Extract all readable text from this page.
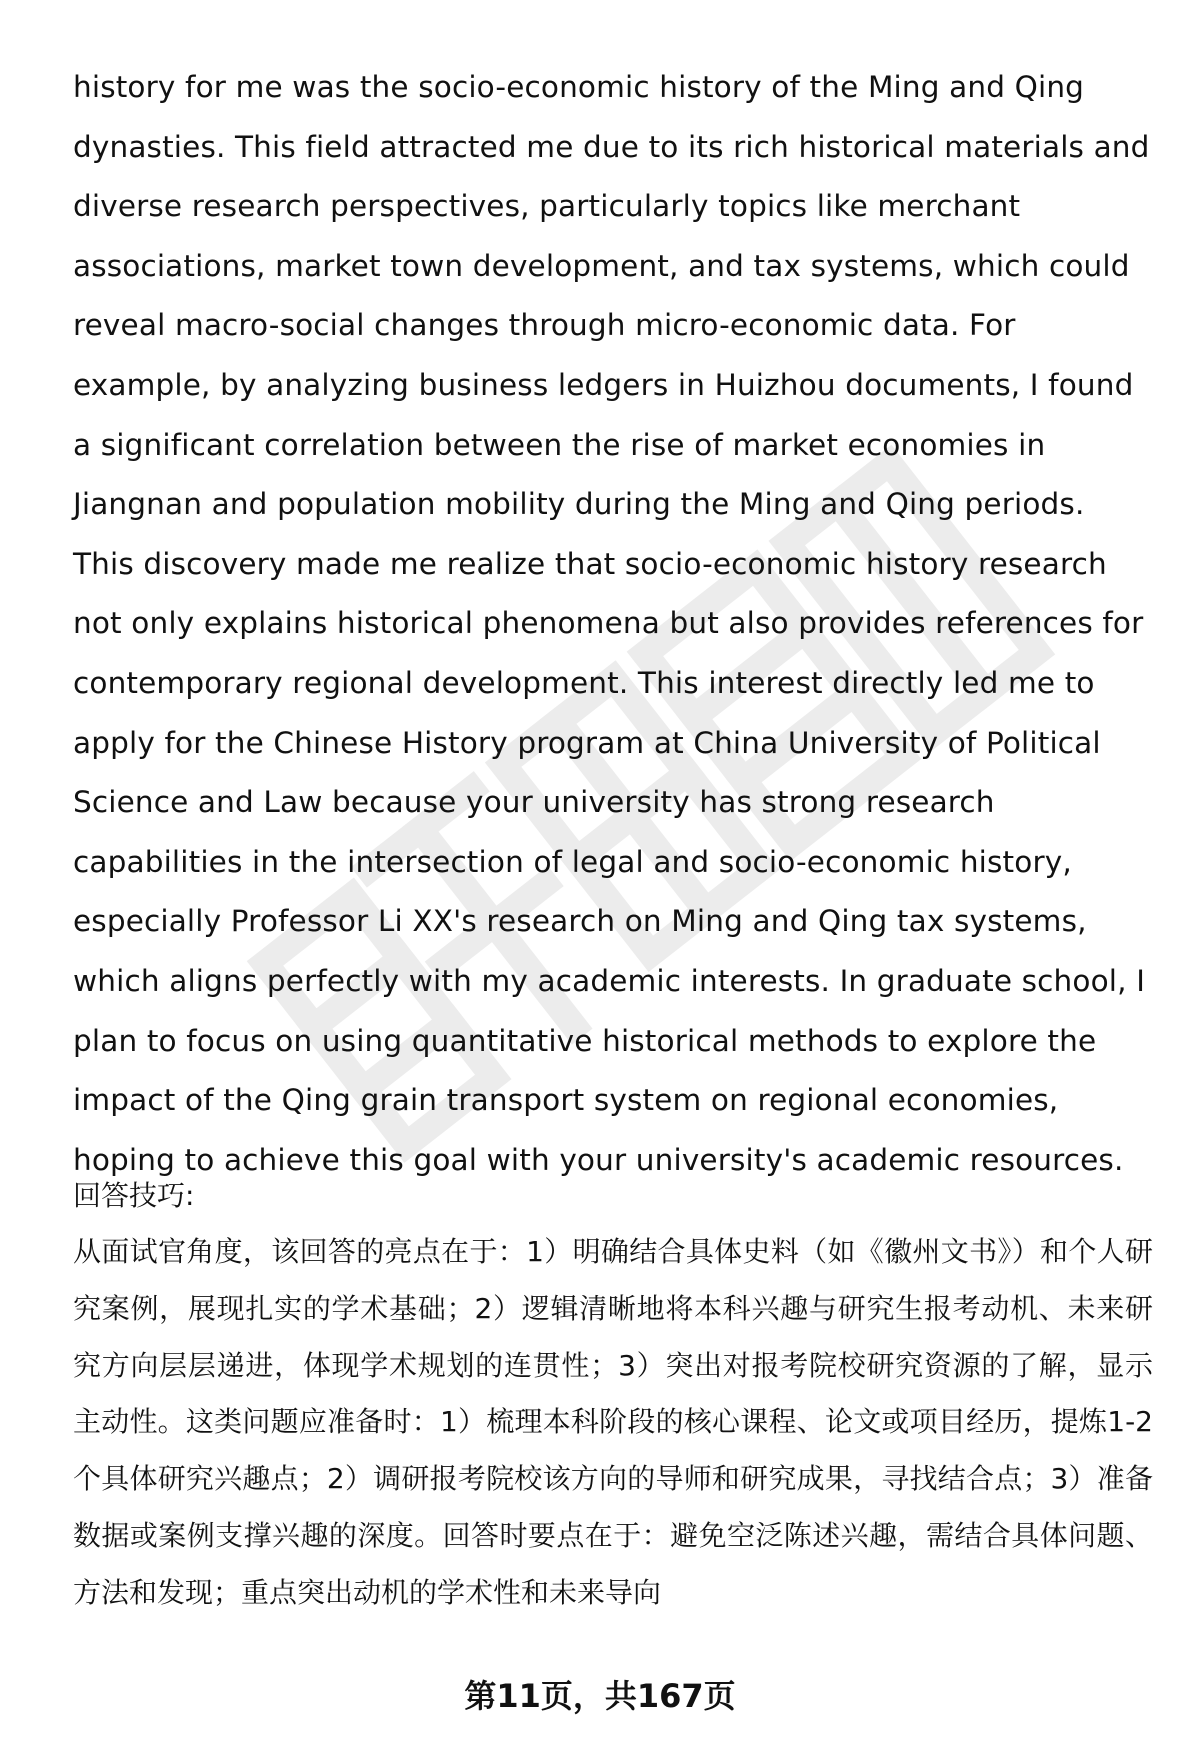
history for me was the socio-economic history of the Ming and Qing dynasties. This field attracted me due to its rich historical materials and diverse research perspectives, particularly topics like merchant associations, market town development, and tax systems, which could reveal macro-social changes through micro-economic data. For example, by analyzing business ledgers in Huizhou documents, I found a significant correlation between the rise of market economies in Jiangnan and population mobility during the Ming and Qing periods. This discovery made me realize that socio-economic history research not only explains historical phenomena but also provides references for contemporary regional development. This interest directly led me to apply for the Chinese History program at China University of Political Science and Law because your university has strong research capabilities in the intersection of legal and socio-economic history, especially Professor Li XX's research on Ming and Qing tax systems, which aligns perfectly with my academic interests. In graduate school, I plan to focus on using quantitative historical methods to explore the impact of the Qing grain transport system on regional economies, hoping to achieve this goal with your university's academic resources.

回答技巧:

从面试官角度，该回答的亮点在于：1）明确结合具体史料（如《徽州文书》）和个人研究案例，展现扎实的学术基础；2）逻辑清晰地将本科兴趣与研究生报考动机、未来研究方向层层递进，体现学术规划的连贯性；3）突出对报考院校研究资源的了解，显示主动性。这类问题应准备时：1）梳理本科阶段的核心课程、论文或项目经历，提炼1-2个具体研究兴趣点；2）调研报考院校该方向的导师和研究成果，寻找结合点；3）准备数据或案例支撑兴趣的深度。回答时要点在于：避免空泛陈述兴趣，需结合具体问题、方法和发现；重点突出动机的学术性和未来导向

第11页，共167页
